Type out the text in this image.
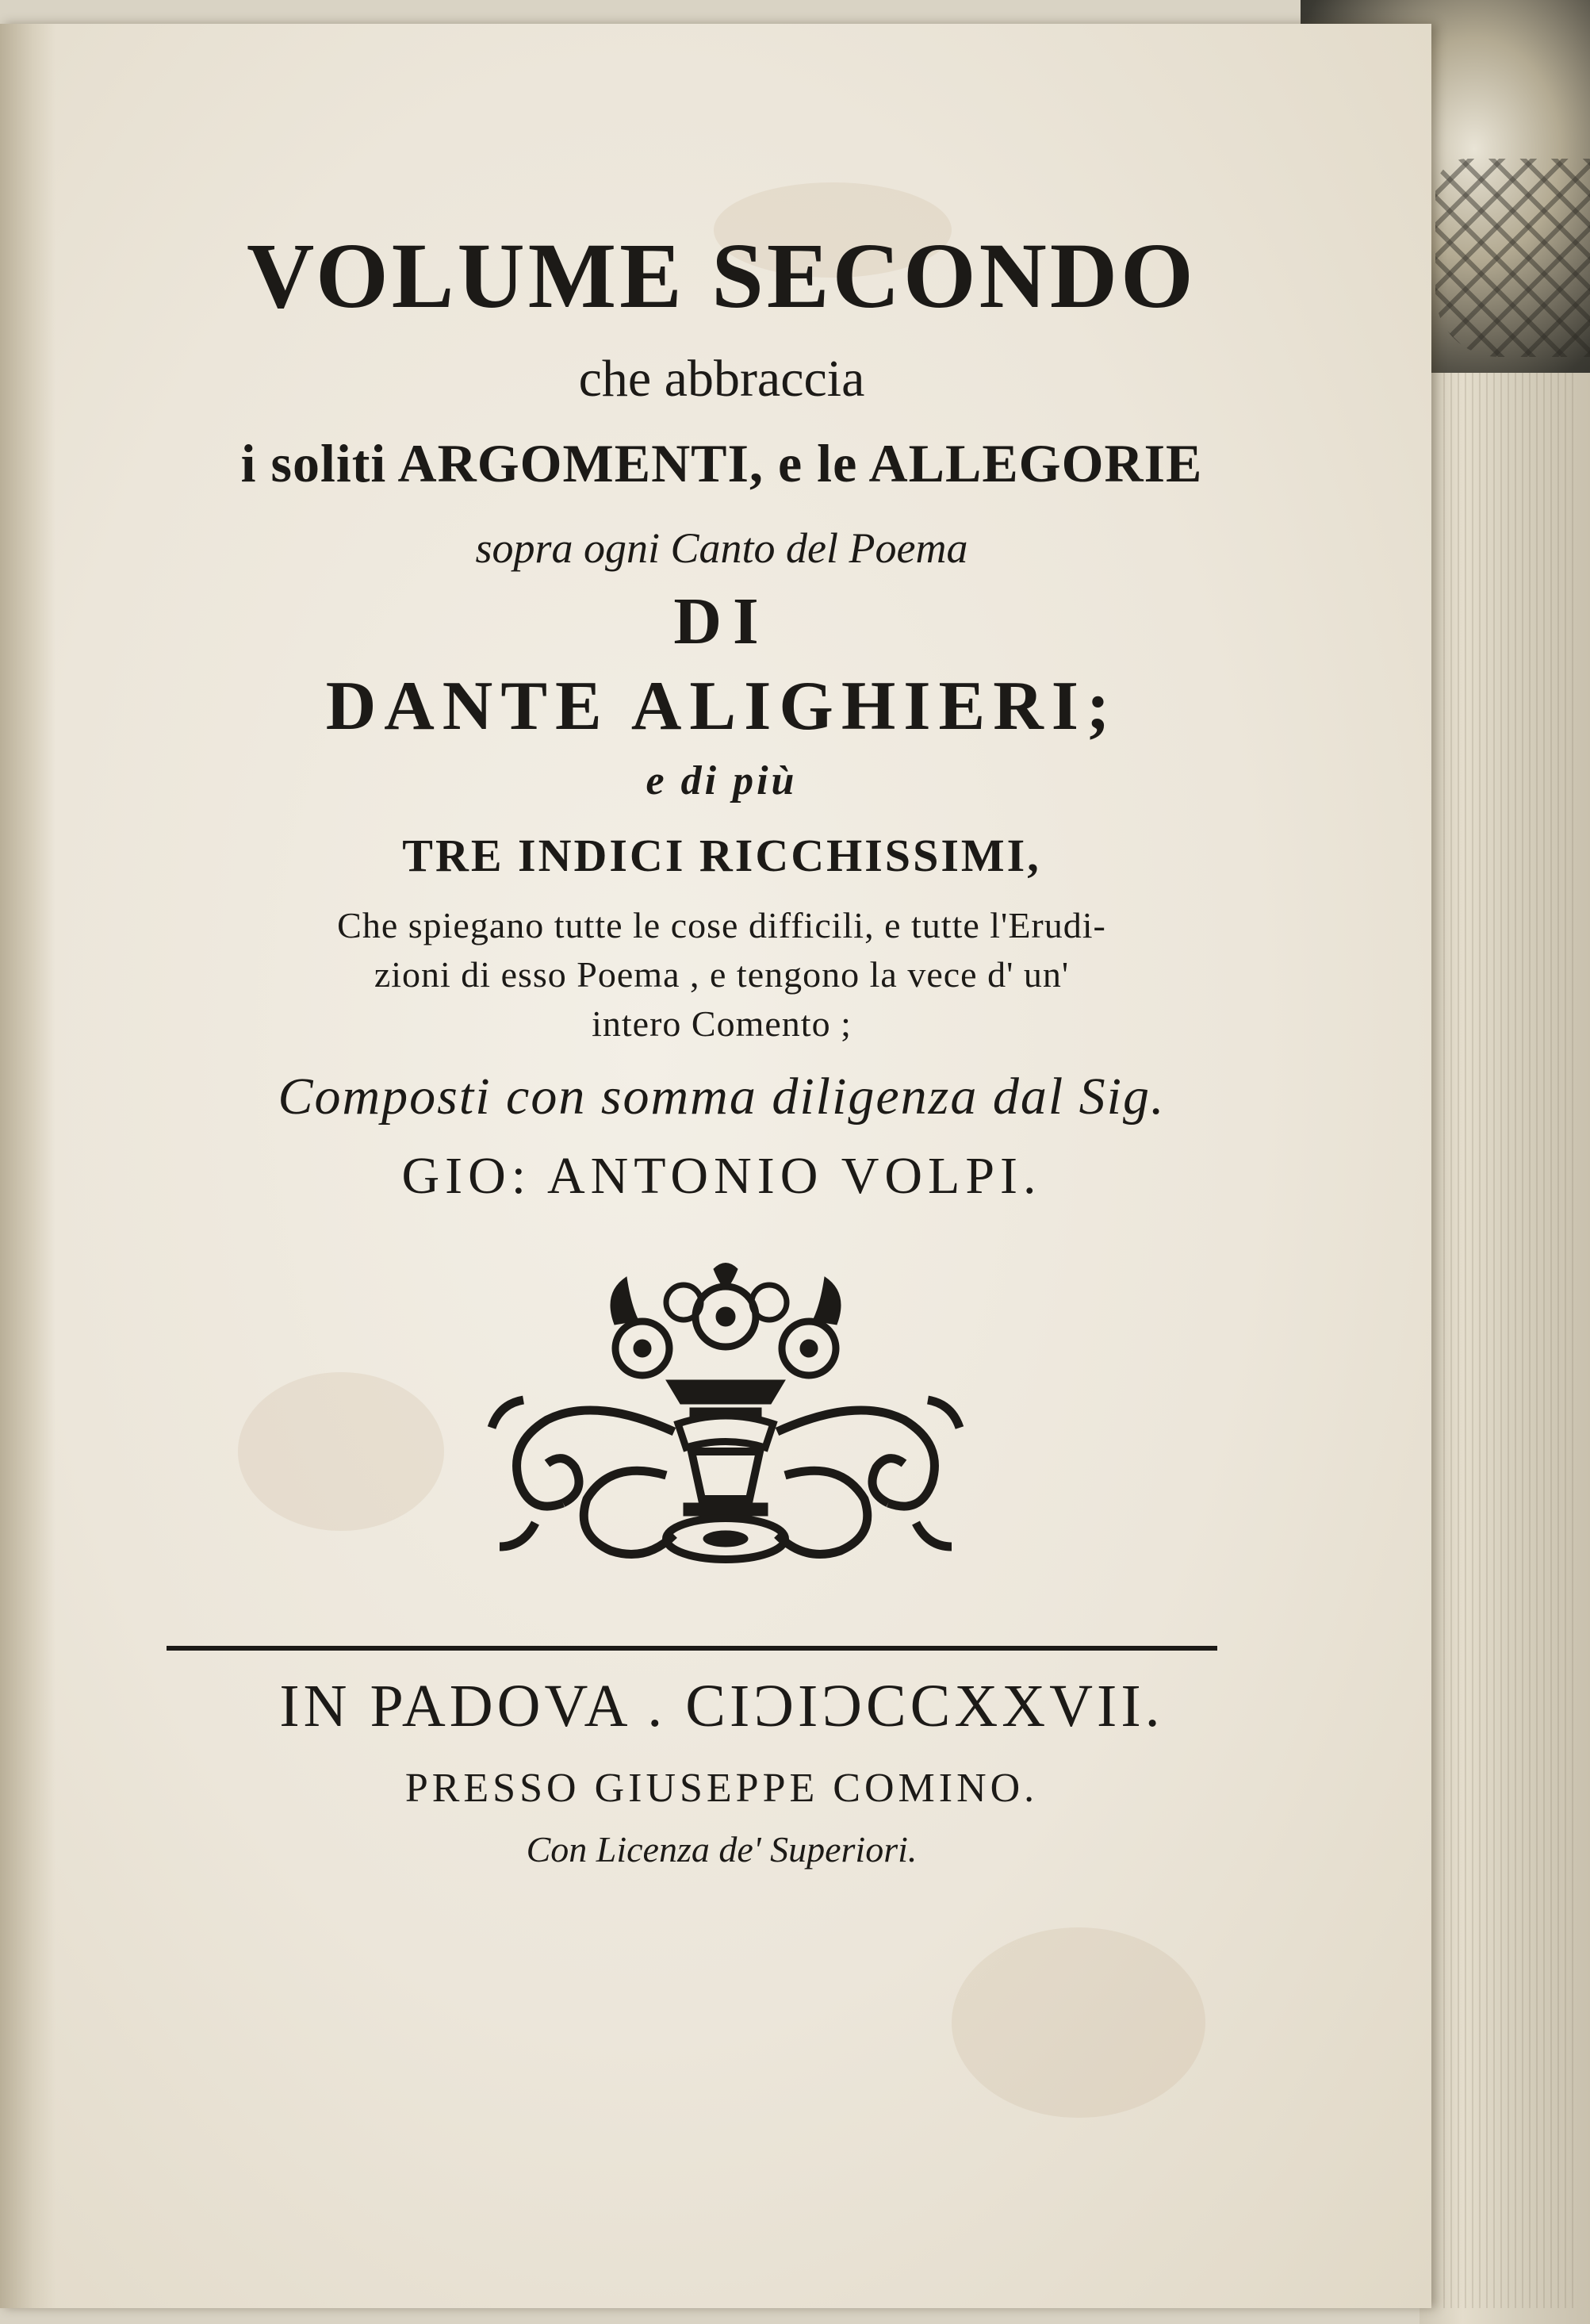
VOLUME SECONDO
che abbraccia
i soliti ARGOMENTI, e le ALLEGORIE
sopra ogni Canto del Poema
DI
DANTE ALIGHIERI;
e di più
TRE INDICI RICCHISSIMI,
Che spiegano tutte le cose difficili, e tutte l'Erudi-
zioni di esso Poema , e tengono la vece d' un'
intero Comento ;
Composti con somma diligenza dal Sig.
GIO: ANTONIO VOLPI.
IN PADOVA . CIƆIƆCCXXVII.
PRESSO GIUSEPPE COMINO.
Con Licenza de' Superiori.
